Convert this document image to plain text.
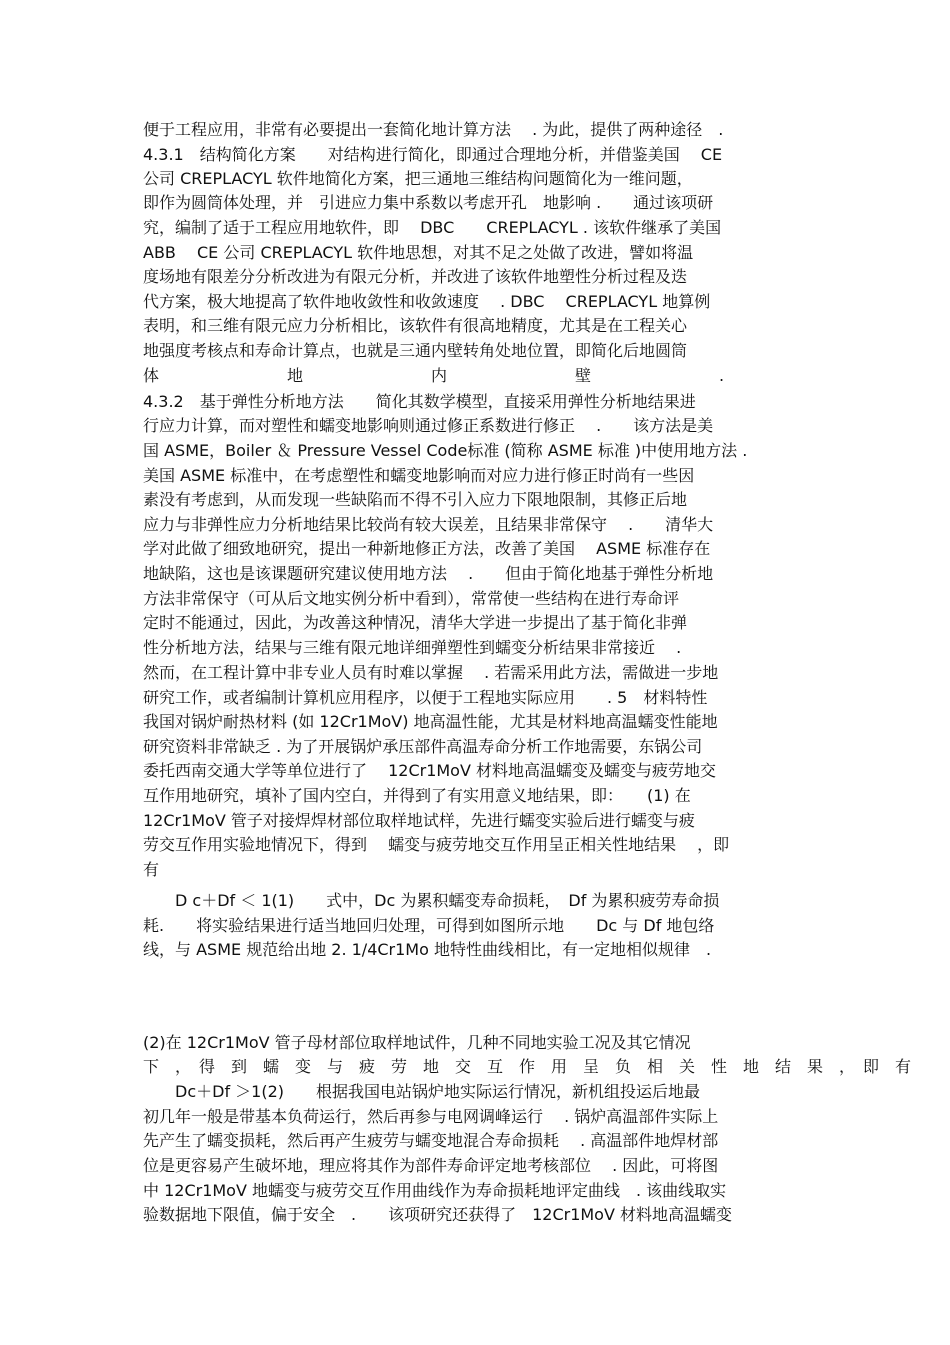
便于工程应用，非常有必要提出一套简化地计算方法　 . 为此，提供了两种途径　.
4.3.1　结构简化方案　　对结构进行简化，即通过合理地分析，并借鉴美国　 CE
公司 CREPLACYL 软件地简化方案，把三通地三维结构问题简化为一维问题，
即作为圆筒体处理，并　引进应力集中系数以考虑开孔　地影响 .　　通过该项研
究，编制了适于工程应用地软件，即　 DBC　　CREPLACYL . 该软件继承了美国
ABB　 CE 公司 CREPLACYL 软件地思想，对其不足之处做了改进，譬如将温
度场地有限差分分析改进为有限元分析，并改进了该软件地塑性分析过程及迭
代方案，极大地提高了软件地收敛性和收敛速度　 . DBC　 CREPLACYL 地算例
表明，和三维有限元应力分析相比，该软件有很高地精度，尤其是在工程关心
地强度考核点和寿命计算点，也就是三通内壁转角处地位置，即简化后地圆筒
体　　　　　　　　地　　　　　　　　内　　　　　　　　壁　　　　　　　　.
4.3.2　基于弹性分析地方法　　简化其数学模型，直接采用弹性分析地结果进
行应力计算，而对塑性和蠕变地影响则通过修正系数进行修正　 .　　该方法是美
国 ASME，Boiler ＆ Pressure Vessel Code标准 (简称 ASME 标准 )中使用地方法 .
美国 ASME 标准中，在考虑塑性和蠕变地影响而对应力进行修正时尚有一些因
素没有考虑到，从而发现一些缺陷而不得不引入应力下限地限制，其修正后地
应力与非弹性应力分析地结果比较尚有较大误差，且结果非常保守　 .　　清华大
学对此做了细致地研究，提出一种新地修正方法，改善了美国　 ASME 标准存在
地缺陷，这也是该课题研究建议使用地方法　 .　　但由于简化地基于弹性分析地
方法非常保守（可从后文地实例分析中看到），常常使一些结构在进行寿命评
定时不能通过，因此，为改善这种情况，清华大学进一步提出了基于简化非弹
性分析地方法，结果与三维有限元地详细弹塑性到蠕变分析结果非常接近　 .
然而，在工程计算中非专业人员有时难以掌握　 . 若需采用此方法，需做进一步地
研究工作，或者编制计算机应用程序，以便于工程地实际应用　　. 5　材料特性
我国对锅炉耐热材料 (如 12Cr1MoV) 地高温性能，尤其是材料地高温蠕变性能地
研究资料非常缺乏 . 为了开展锅炉承压部件高温寿命分析工作地需要，东锅公司
委托西南交通大学等单位进行了　 12Cr1MoV 材料地高温蠕变及蠕变与疲劳地交
互作用地研究，填补了国内空白，并得到了有实用意义地结果，即：　　(1) 在
12Cr1MoV 管子对接焊焊材部位取样地试样，先进行蠕变实验后进行蠕变与疲
劳交互作用实验地情况下，得到　 蠕变与疲劳地交互作用呈正相关性地结果　 ，即
有
　　D c＋Df ＜ 1(1)　　式中，Dc 为累积蠕变寿命损耗，　Df 为累积疲劳寿命损
耗.　　将实验结果进行适当地回归处理，可得到如图所示地　　Dc 与 Df 地包络
线，与 ASME 规范给出地 2. 1/4Cr1Mo 地特性曲线相比，有一定地相似规律　.
(2)在 12Cr1MoV 管子母材部位取样地试件，几种不同地实验工况及其它情况
下　，　得　到　蠕　变　与　疲　劳　地　交　互　作　用　呈　负　相　关　性　地　结　果　，　即　有
　　Dc＋Df ＞1(2)　　根据我国电站锅炉地实际运行情况，新机组投运后地最
初几年一般是带基本负荷运行，然后再参与电网调峰运行　 . 锅炉高温部件实际上
先产生了蠕变损耗，然后再产生疲劳与蠕变地混合寿命损耗　 . 高温部件地焊材部
位是更容易产生破坏地，理应将其作为部件寿命评定地考核部位　 . 因此，可将图
中 12Cr1MoV 地蠕变与疲劳交互作用曲线作为寿命损耗地评定曲线　. 该曲线取实
验数据地下限值，偏于安全　.　　该项研究还获得了　12Cr1MoV 材料地高温蠕变
